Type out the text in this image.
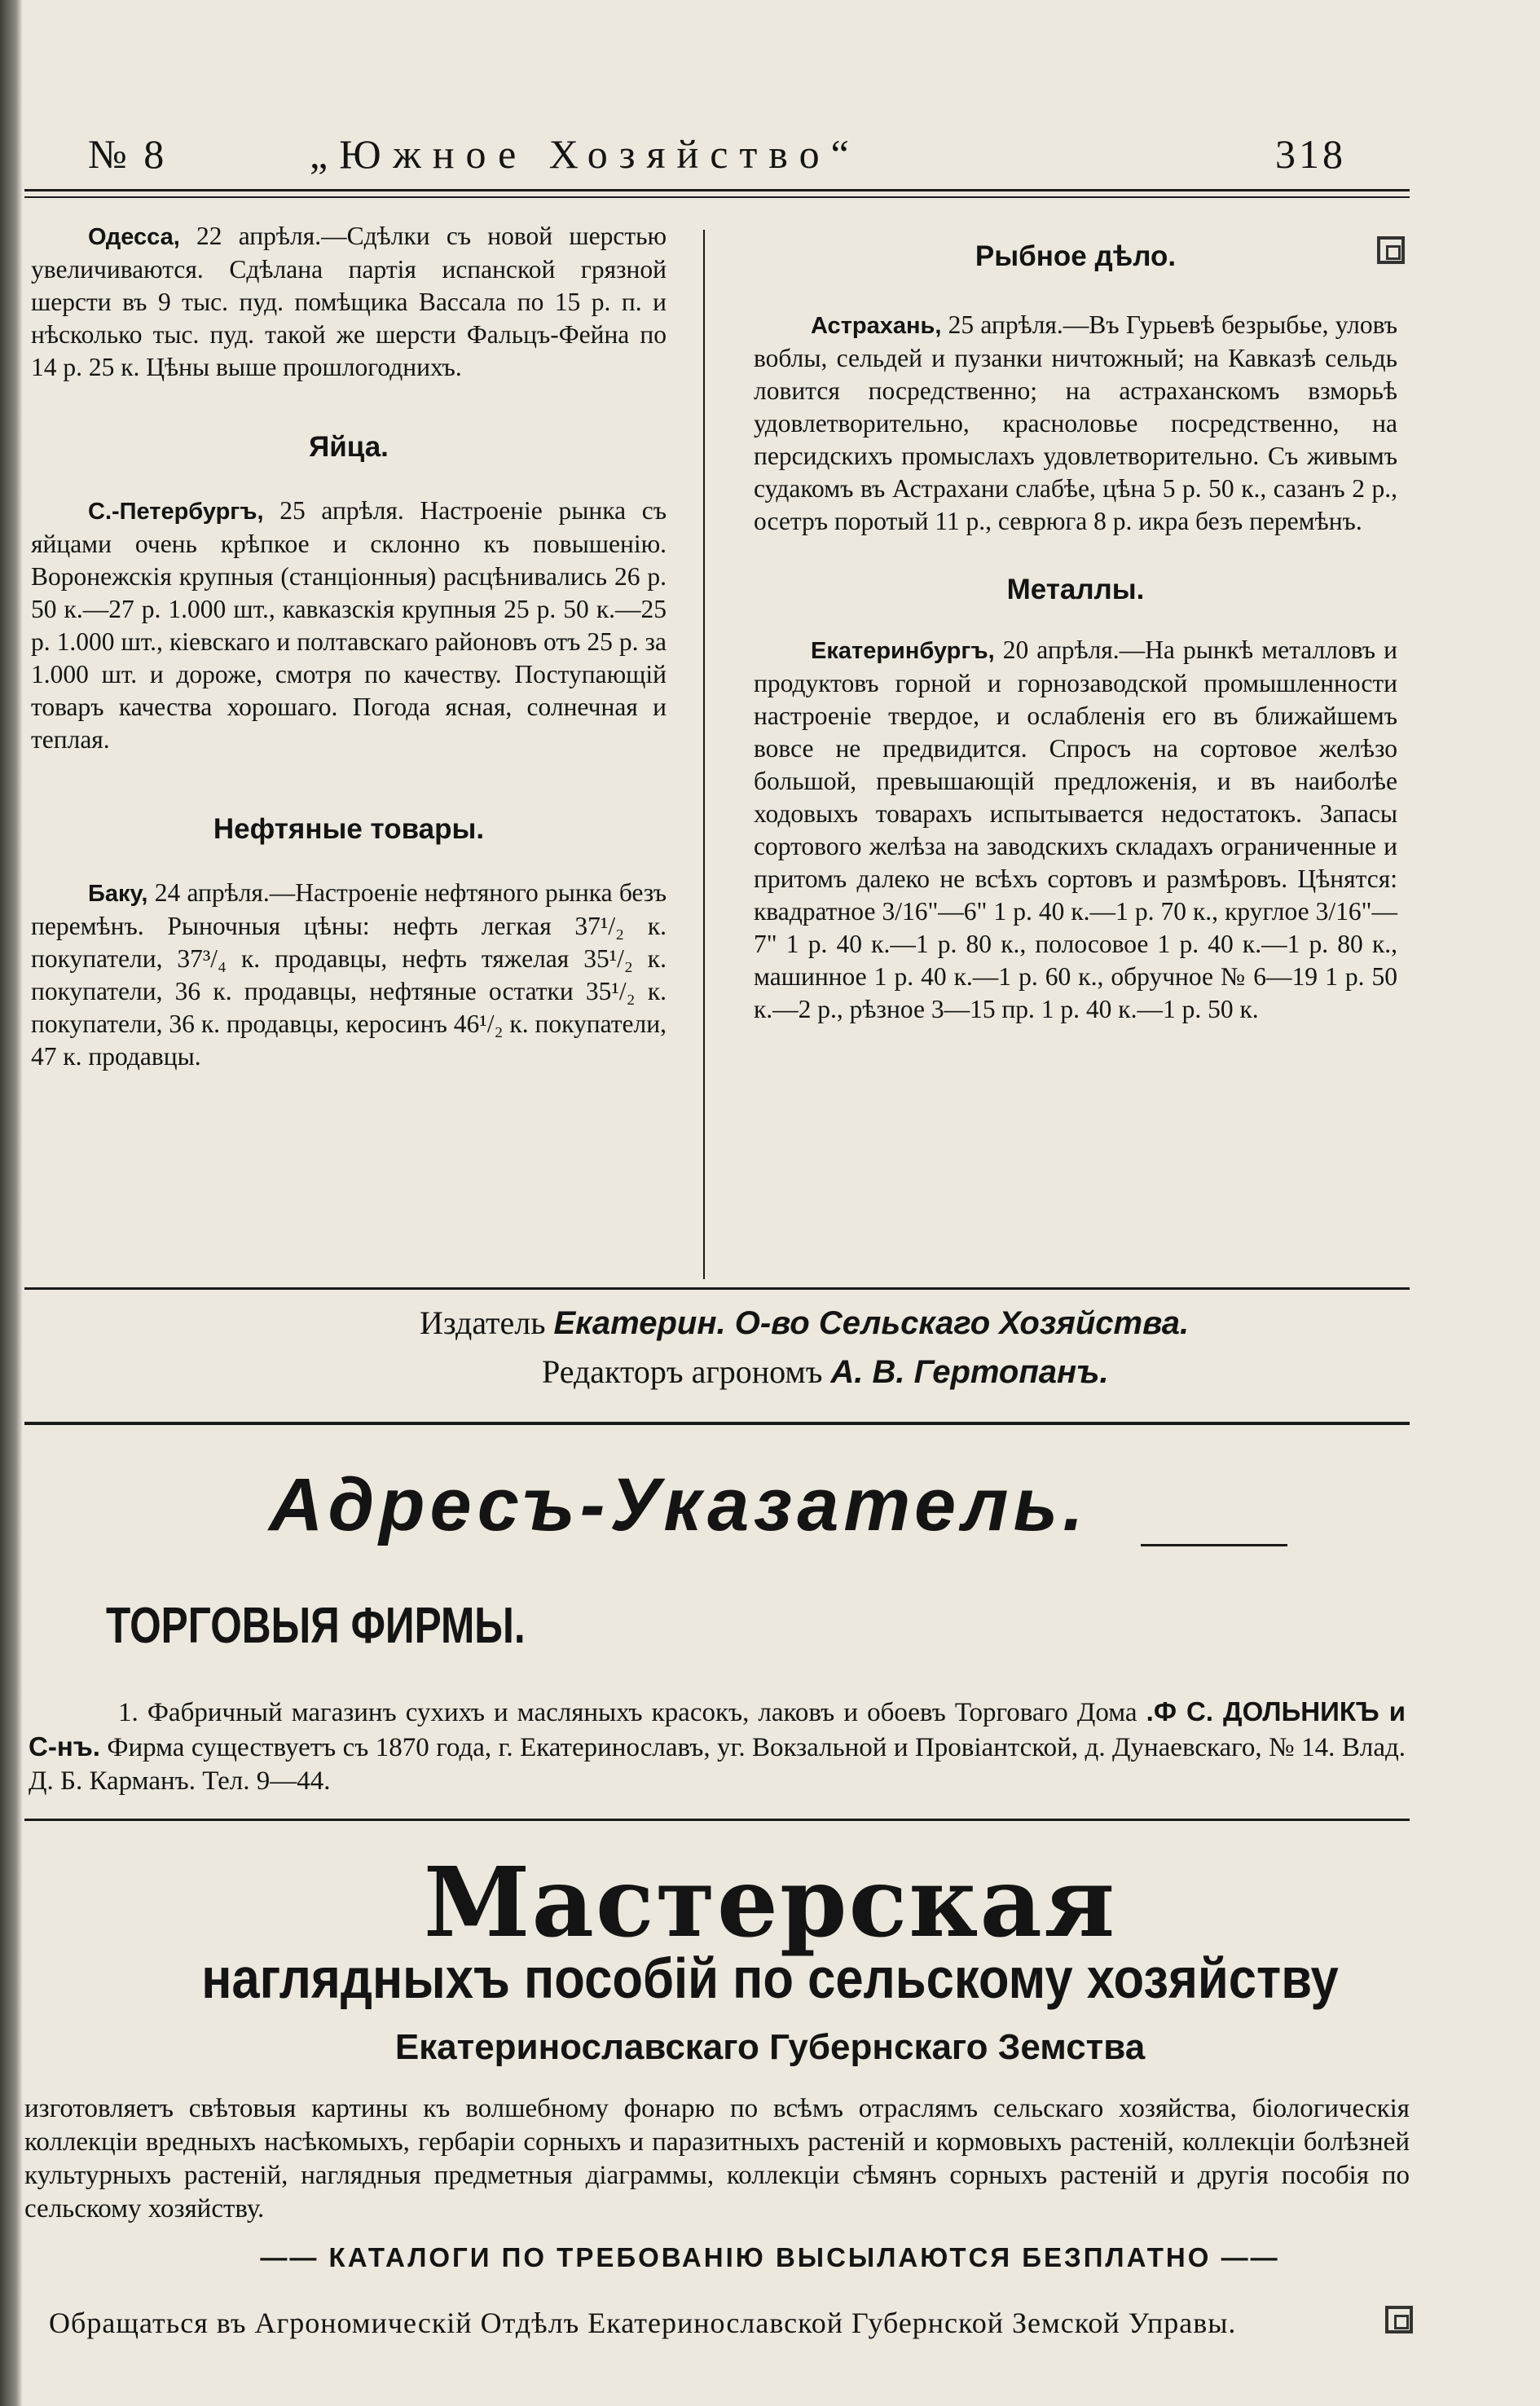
№ 8	„Южное Хозяйство“	318

Одесса, 22 апрѣля.—Сдѣлки съ новой шерстью увеличиваются. Сдѣлана партія испанской грязной шерсти въ 9 тыс. пуд. помѣщика Вассала по 15 р. п. и нѣсколько тыс. пуд. такой же шерсти Фальцъ-Фейна по 14 р. 25 к. Цѣны выше прошлогоднихъ.

Яйца.

С.-Петербургъ, 25 апрѣля. Настроеніе рынка съ яйцами очень крѣпкое и склонно къ повышенію. Воронежскія крупныя (станціонныя) расцѣнивались 26 р. 50 к.—27 р. 1.000 шт., кавказскія крупныя 25 р. 50 к.—25 р. 1.000 шт., кіевскаго и полтавскаго районовъ отъ 25 р. за 1.000 шт. и дороже, смотря по качеству. Поступающій товаръ качества хорошаго. Погода ясная, солнечная и теплая.

Нефтяные товары.

Баку, 24 апрѣля.—Настроеніе нефтяного рынка безъ перемѣнъ. Рыночныя цѣны: нефть легкая 37¹/₂ к. покупатели, 37³/₄ к. продавцы, нефть тяжелая 35¹/₂ к. покупатели, 36 к. продавцы, нефтяные остатки 35¹/₂ к. покупатели, 36 к. продавцы, керосинъ 46¹/₂ к. покупатели, 47 к. продавцы.

Рыбное дѣло.

Астрахань, 25 апрѣля.—Въ Гурьевѣ безрыбье, уловъ воблы, сельдей и пузанки ничтожный; на Кавказѣ сельдь ловится посредственно; на астраханскомъ взморьѣ удовлетворительно, красноловье посредственно, на персидскихъ промыслахъ удовлетворительно. Съ живымъ судакомъ въ Астрахани слабѣе, цѣна 5 р. 50 к., сазанъ 2 р., осетръ поротый 11 р., севрюга 8 р. икра безъ перемѣнъ.

Металлы.

Екатеринбургъ, 20 апрѣля.—На рынкѣ металловъ и продуктовъ горной и горнозаводской промышленности настроеніе твердое, и ослабленія его въ ближайшемъ вовсе не предвидится. Спросъ на сортовое желѣзо большой, превышающій предложенія, и въ наиболѣе ходовыхъ товарахъ испытывается недостатокъ. Запасы сортового желѣза на заводскихъ складахъ ограниченные и притомъ далеко не всѣхъ сортовъ и размѣровъ. Цѣнятся: квадратное 3/16"—6" 1 р. 40 к.—1 р. 70 к., круглое 3/16"—7" 1 р. 40 к.—1 р. 80 к., полосовое 1 р. 40 к.—1 р. 80 к., машинное 1 р. 40 к.—1 р. 60 к., обручное № 6—19 1 р. 50 к.—2 р., рѣзное 3—15 пр. 1 р. 40 к.—1 р. 50 к.

Издатель Екатерин. О-во Сельскаго Хозяйства.
Редакторъ агрономъ А. В. Гертопанъ.
Адресъ-Указатель.
ТОРГОВЫЯ ФИРМЫ.

1. Фабричный магазинъ сухихъ и масляныхъ красокъ, лаковъ и обоевъ Торговаго Дома .Ф С. ДОЛЬНИКЪ и С-нъ. Фирма существуетъ съ 1870 года, г. Екатеринославъ, уг. Вокзальной и Провіантской, д. Дунаевскаго, № 14. Влад. Д. Б. Карманъ. Тел. 9—44.

Мастерская
наглядныхъ пособій по сельскому хозяйству
Екатеринославскаго Губернскаго Земства

изготовляетъ свѣтовыя картины къ волшебному фонарю по всѣмъ отраслямъ сельскаго хозяйства, біологическія коллекціи вредныхъ насѣкомыхъ, гербаріи сорныхъ и паразитныхъ растеній и кормовыхъ растеній, коллекціи болѣзней культурныхъ растеній, наглядныя предметныя діаграммы, коллекціи сѣмянъ сорныхъ растеній и другія пособія по сельскому хозяйству.

—— КАТАЛОГИ ПО ТРЕБОВАНІЮ ВЫСЫЛАЮТСЯ БЕЗПЛАТНО ——
Обращаться въ Агрономическій Отдѣлъ Екатеринославской Губернской Земской Управы.
